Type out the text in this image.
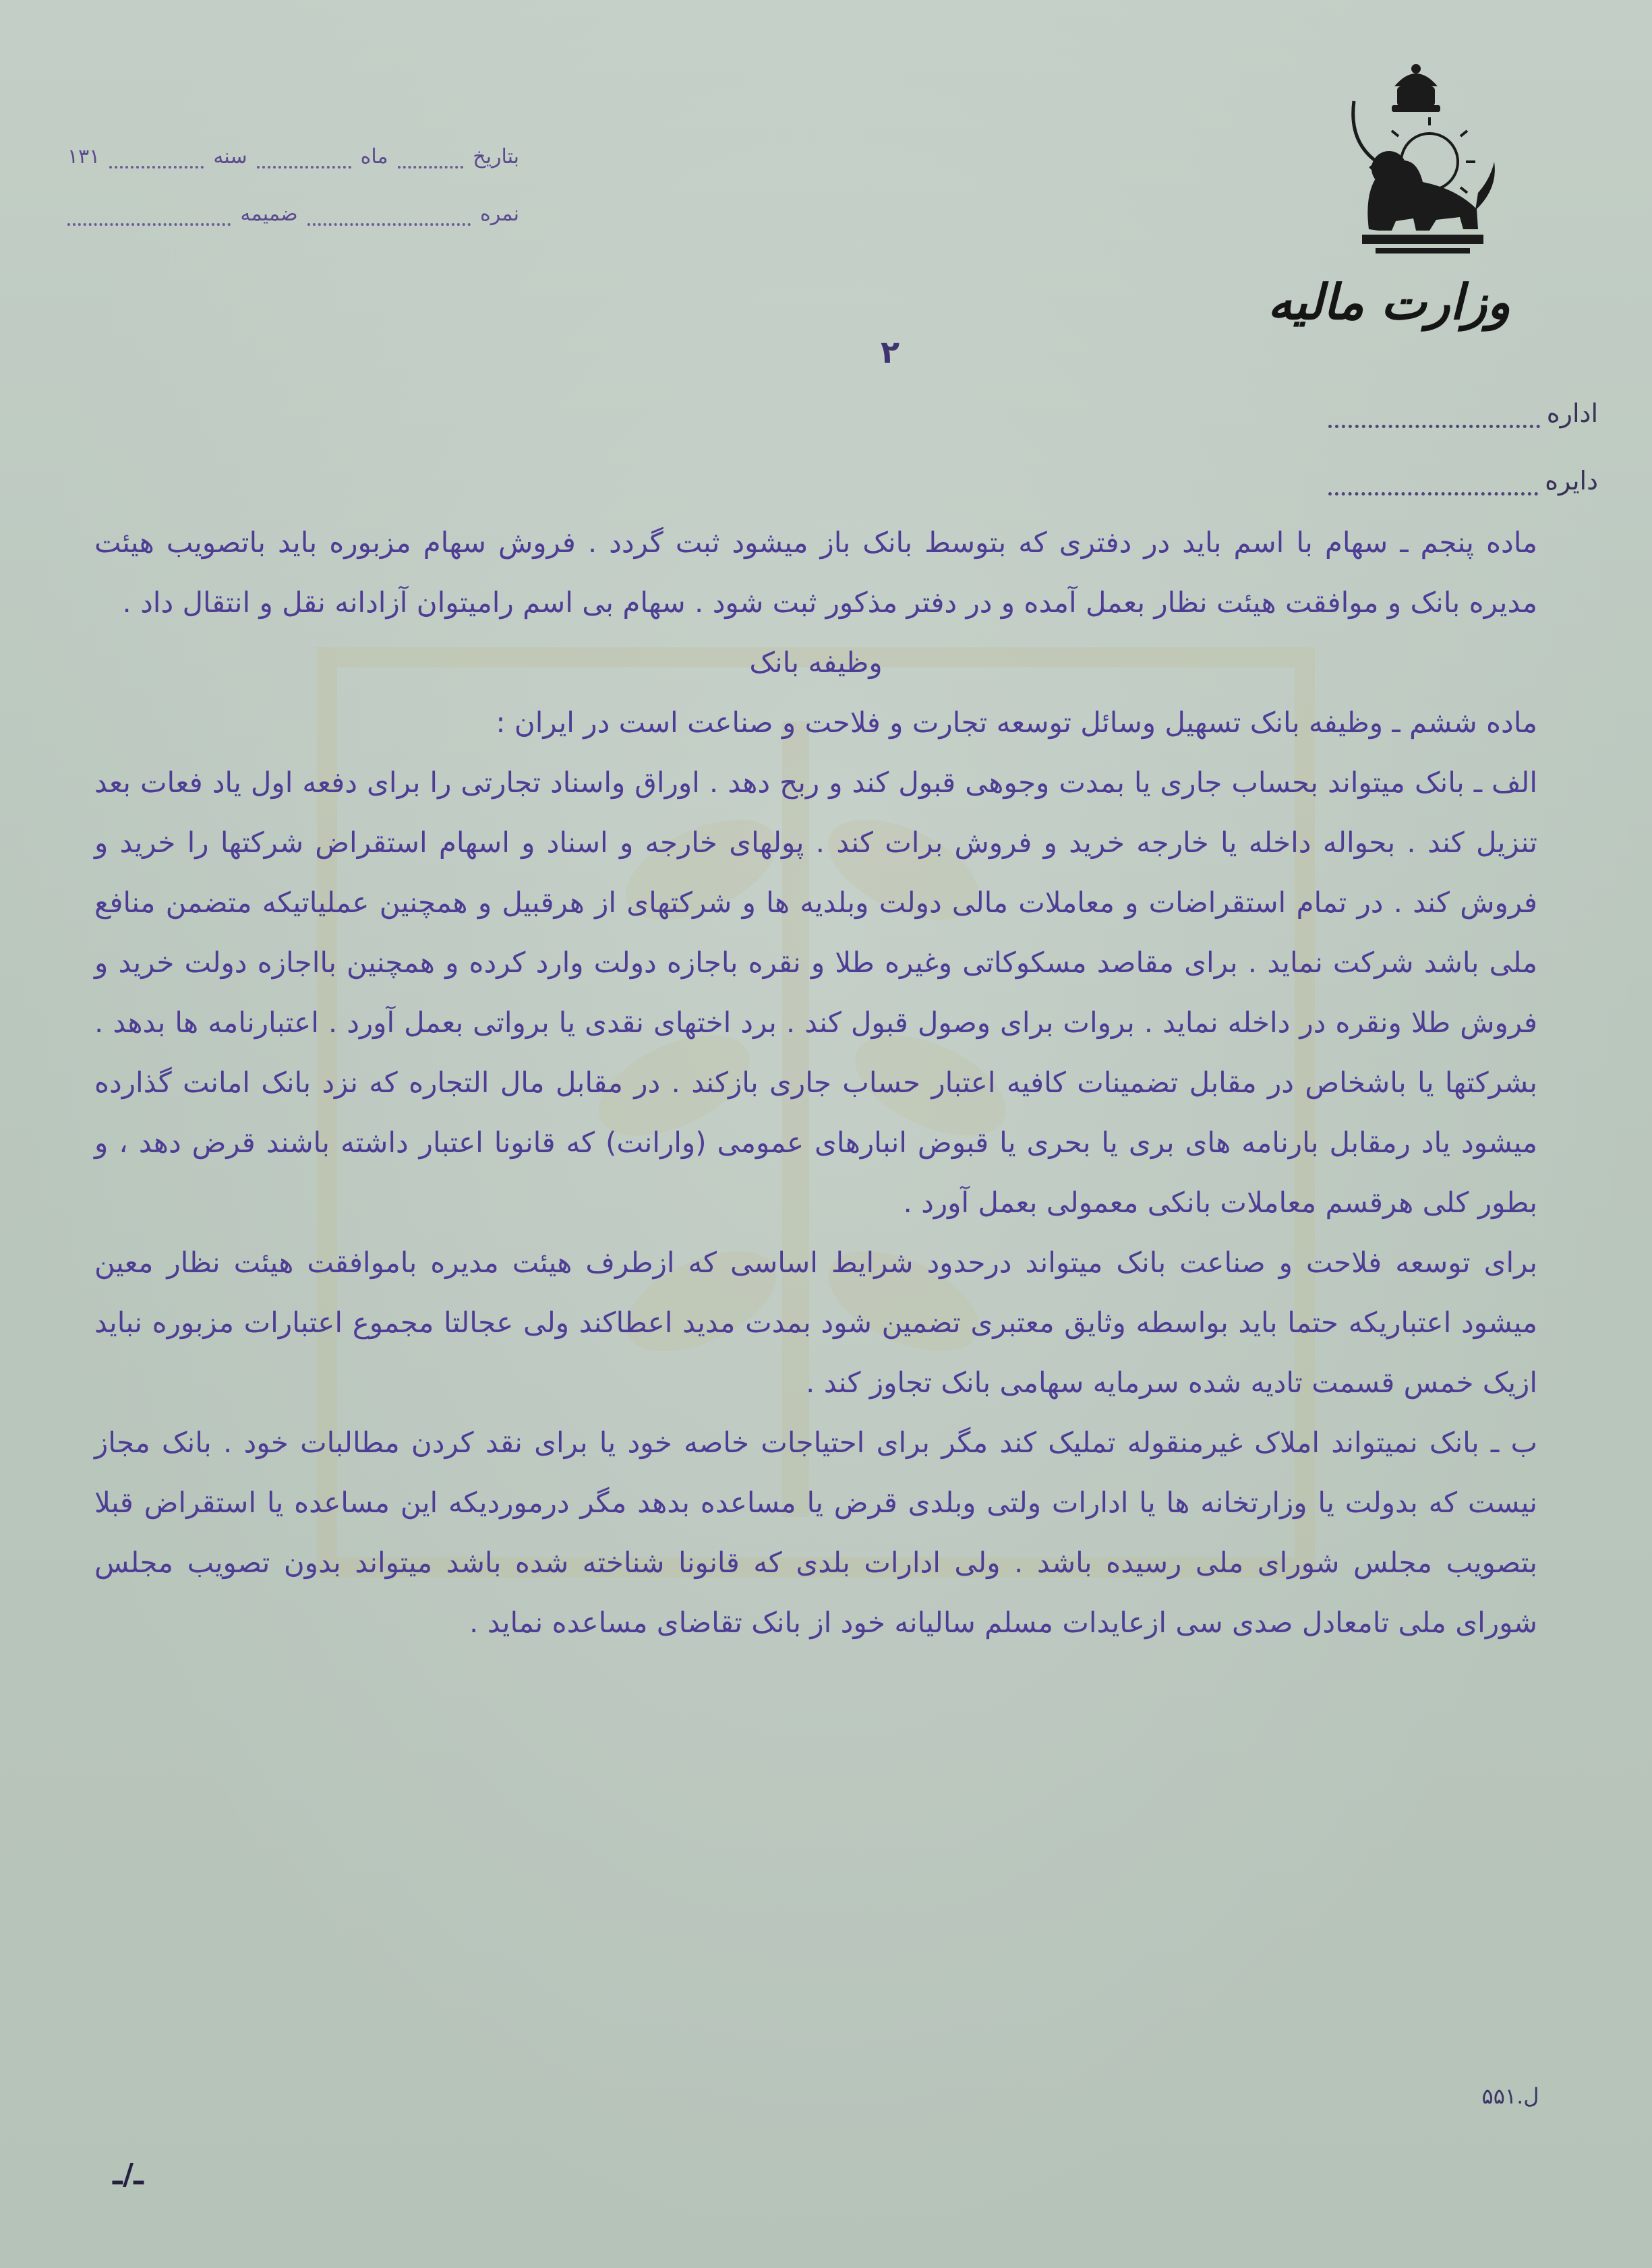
بتاریخ
ماه
سنه
۱۳۱
نمره
ضمیمه
وزارت مالیه
۲
اداره
دایره

ماده پنجم ـ سهام با اسم باید در دفتری که بتوسط بانک باز میشود ثبت گردد . فروش سهام مزبوره باید باتصویب هیئت مدیره بانک و موافقت هیئت نظار بعمل آمده و در دفتر مذکور ثبت شود . سهام بی اسم رامیتوان آزادانه نقل و انتقال داد .

وظیفه بانک

ماده ششم ـ وظیفه بانک تسهیل وسائل توسعه تجارت و فلاحت و صناعت است در ایران :

الف ـ بانک میتواند بحساب جاری یا بمدت وجوهی قبول کند و ربح دهد . اوراق واسناد تجارتی را برای دفعه اول یاد فعات بعد تنزیل کند . بحواله داخله یا خارجه خرید و فروش برات کند . پولهای خارجه و اسناد و اسهام استقراض شرکتها را خرید و فروش کند . در تمام استقراضات و معاملات مالی دولت وبلدیه ها و شرکتهای از هرقبیل و همچنین عملیاتیکه متضمن منافع ملی باشد شرکت نماید . برای مقاصد مسکوکاتی وغیره طلا و نقره باجازه دولت وارد کرده و همچنین بااجازه دولت خرید و فروش طلا ونقره در داخله نماید . بروات برای وصول قبول کند . برد اختهای نقدی یا برواتی بعمل آورد . اعتبارنامه ها بدهد . بشرکتها یا باشخاص در مقابل تضمینات کافیه اعتبار حساب جاری بازکند . در مقابل مال التجاره که نزد بانک امانت گذارده میشود یاد رمقابل بارنامه های بری یا بحری یا قبوض انبارهای عمومی (وارانت) که قانونا اعتبار داشته باشند قرض دهد ، و بطور کلی هرقسم معاملات بانکی معمولی بعمل آورد .

برای توسعه فلاحت و صناعت بانک میتواند درحدود شرایط اساسی که ازطرف هیئت مدیره باموافقت هیئت نظار معین میشود اعتباریکه حتما باید بواسطه وثایق معتبری تضمین شود بمدت مدید اعطاکند ولی عجالتا مجموع اعتبارات مزبوره نباید ازیک خمس قسمت تادیه شده سرمایه سهامی بانک تجاوز کند .

ب ـ بانک نمیتواند املاک غیرمنقوله تملیک کند مگر برای احتیاجات خاصه خود یا برای نقد کردن مطالبات خود . بانک مجاز نیست که بدولت یا وزارتخانه ها یا ادارات ولتی وبلدی قرض یا مساعده بدهد مگر درموردیکه این مساعده یا استقراض قبلا بتصویب مجلس شورای ملی رسیده باشد . ولی ادارات بلدی که قانونا شناخته شده باشد میتواند بدون تصویب مجلس شورای ملی تامعادل صدی سی ازعایدات مسلم سالیانه خود از بانک تقاضای مساعده نماید .

ل.۵۵۱
ـ/ـ
